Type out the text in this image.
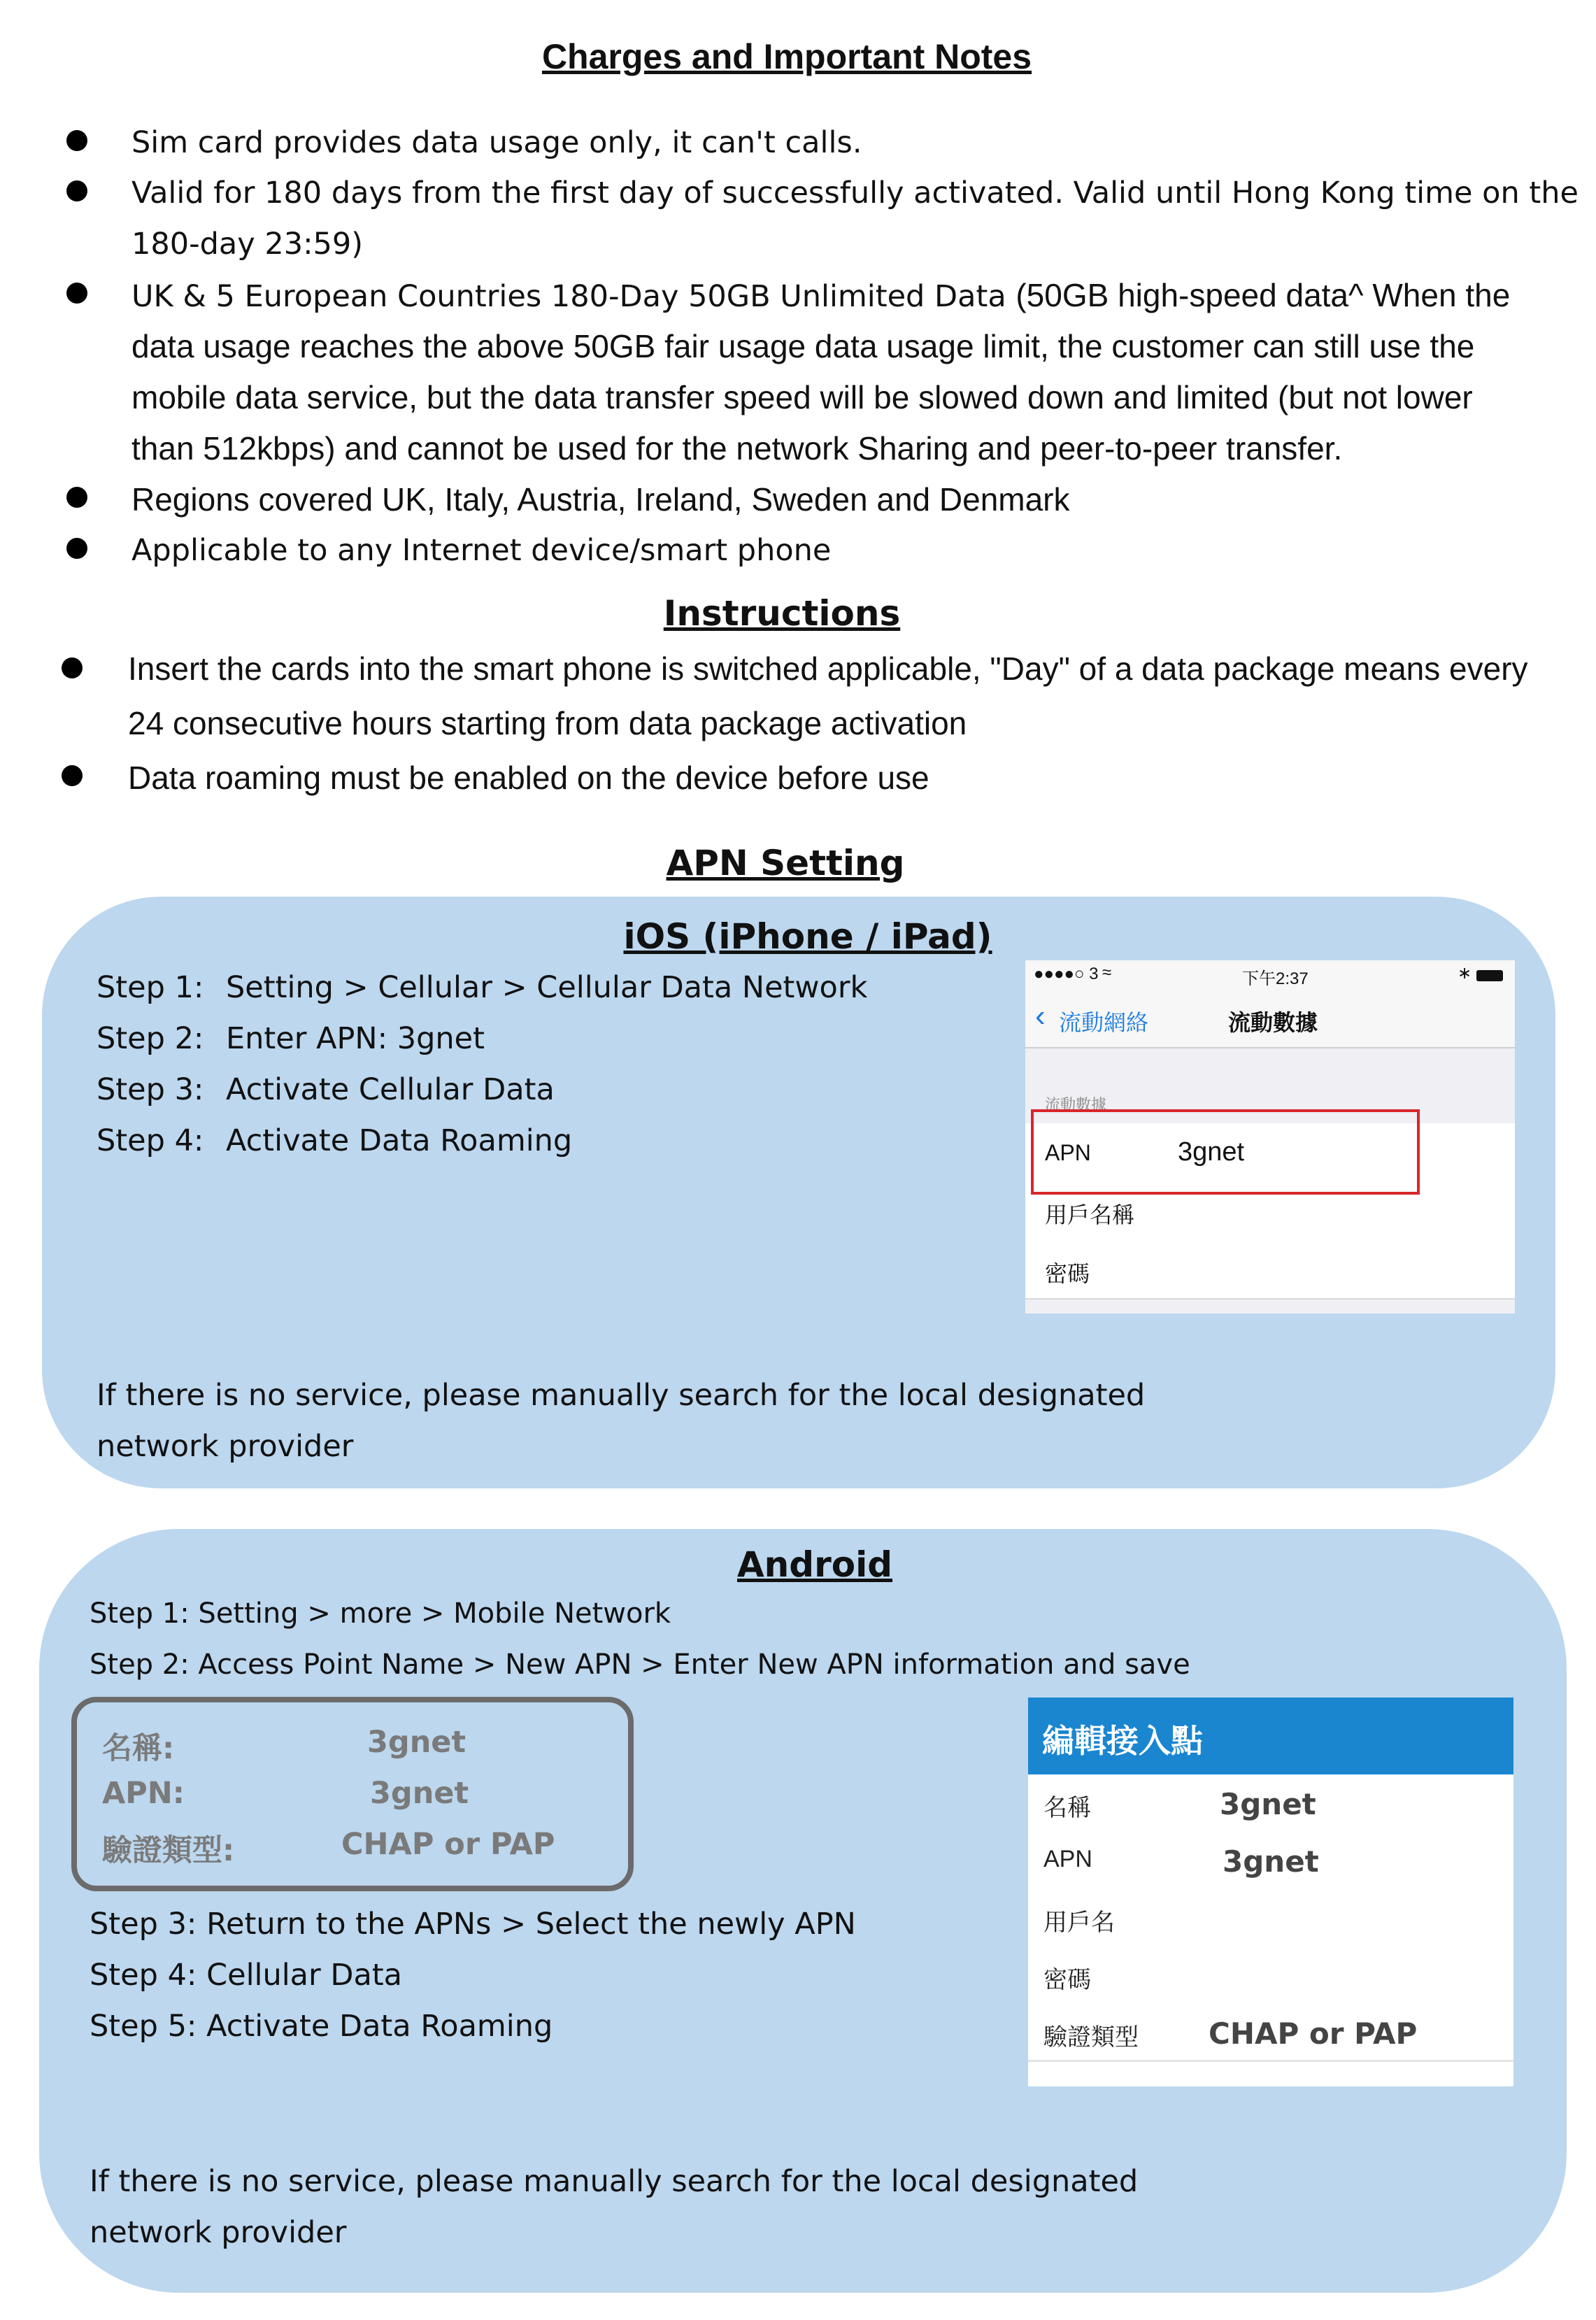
Charges and Important Notes
Sim card provides data usage only, it can't calls.
Valid for 180 days from the first day of successfully activated. Valid until Hong Kong time on the
180-day 23:59)
UK & 5 European Countries 180-Day 50GB Unlimited Data (50GB high-speed data^ When the
data usage reaches the above 50GB fair usage data usage limit, the customer can still use the
mobile data service, but the data transfer speed will be slowed down and limited (but not lower
than 512kbps) and cannot be used for the network Sharing and peer-to-peer transfer.
Regions covered UK, Italy, Austria, Ireland, Sweden and Denmark
Applicable to any Internet device/smart phone
Instructions
Insert the cards into the smart phone is switched applicable, "Day" of a data package means every
24 consecutive hours starting from data package activation
Data roaming must be enabled on the device before use
APN Setting
iOS (iPhone / iPad)
Step 1: Setting > Cellular > Cellular Data Network
Step 2: Enter APN: 3gnet
Step 3: Activate Cellular Data
Step 4: Activate Data Roaming
If there is no service, please manually search for the local designated
network provider
●●●●○ 3 ≈	下午2:37	∗
‹ 流動網絡	流動數據
流動數據
APN	3gnet
用戶名稱
密碼
Android
Step 1: Setting > more > Mobile Network
Step 2: Access Point Name > New APN > Enter New APN information and save
名稱:	3gnet
APN:	3gnet
驗證類型:	CHAP or PAP
Step 3: Return to the APNs > Select the newly APN
Step 4: Cellular Data
Step 5: Activate Data Roaming
If there is no service, please manually search for the local designated
network provider
編輯接入點
名稱	3gnet
APN	3gnet
用戶名
密碼
驗證類型 CHAP or PAP
